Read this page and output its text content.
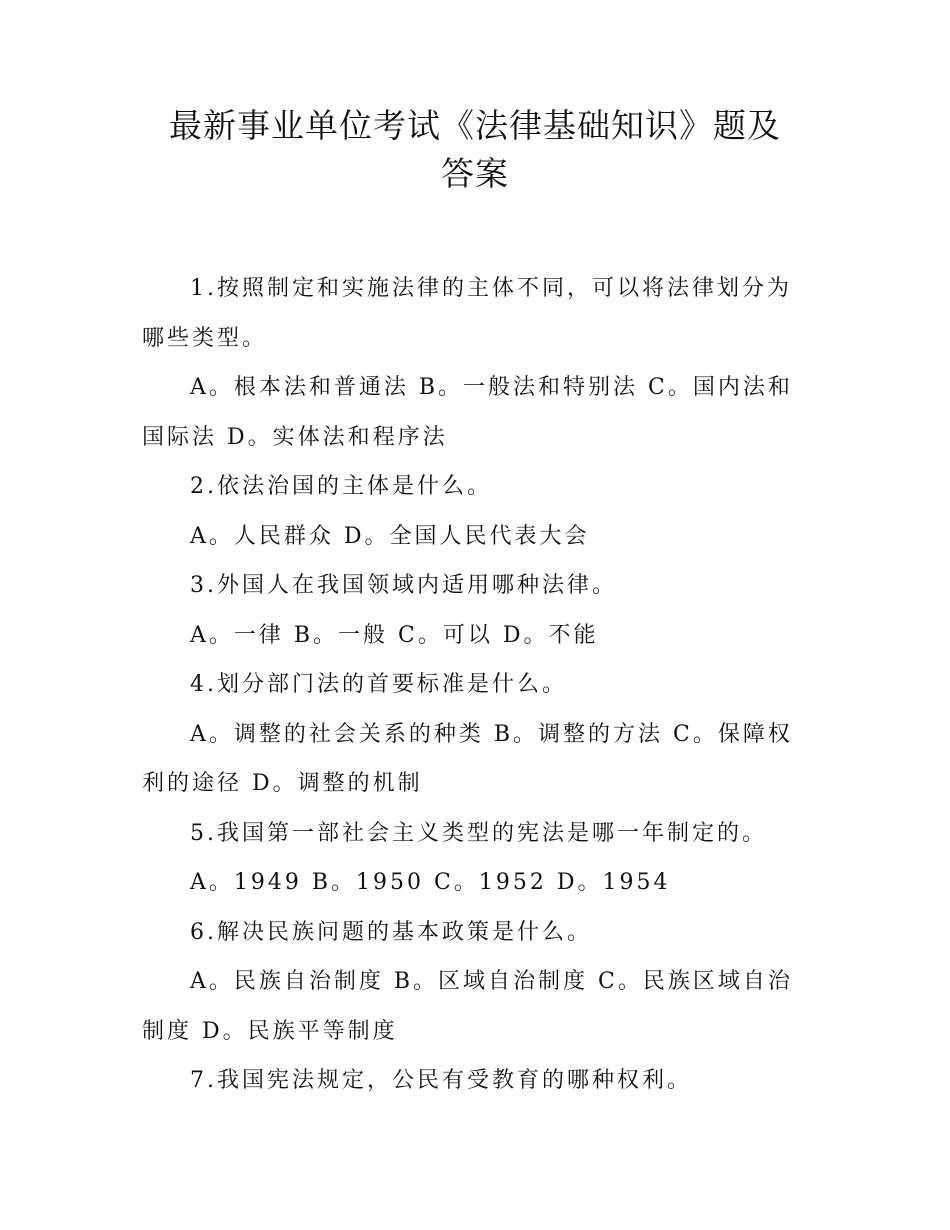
最新事业单位考试《法律基础知识》题及
答案

1.按照制定和实施法律的主体不同，可以将法律划分为哪些类型。

A。根本法和普通法 B。一般法和特别法 C。国内法和国际法 D。实体法和程序法

2.依法治国的主体是什么。

A。人民群众 D。全国人民代表大会

3.外国人在我国领域内适用哪种法律。

A。一律 B。一般 C。可以 D。不能

4.划分部门法的首要标准是什么。

A。调整的社会关系的种类 B。调整的方法 C。保障权利的途径 D。调整的机制

5.我国第一部社会主义类型的宪法是哪一年制定的。

A。1949 B。1950 C。1952 D。1954

6.解决民族问题的基本政策是什么。

A。民族自治制度 B。区域自治制度 C。民族区域自治制度 D。民族平等制度

7.我国宪法规定，公民有受教育的哪种权利。
